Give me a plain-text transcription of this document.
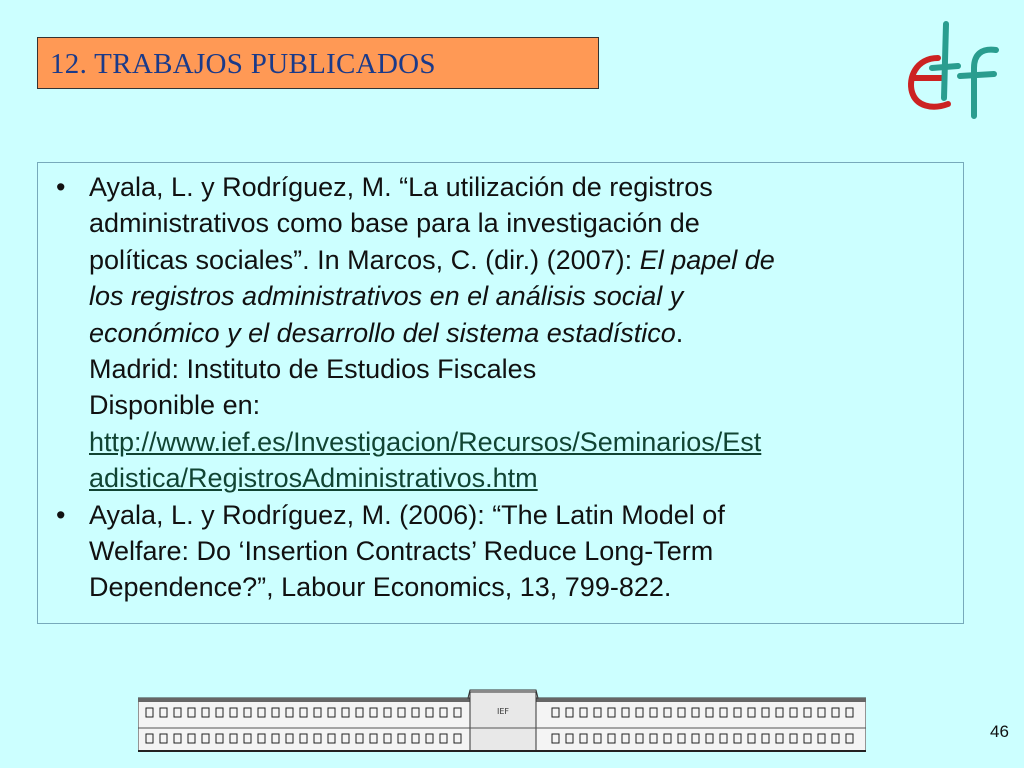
12. TRABAJOS PUBLICADOS
• Ayala, L. y Rodríguez, M. “La utilización de registros
administrativos como base para la investigación de
políticas sociales”. In Marcos, C. (dir.) (2007): El papel de
los registros administrativos en el análisis social y
económico y el desarrollo del sistema estadístico.
Madrid: Instituto de Estudios Fiscales
Disponible en:
http://www.ief.es/Investigacion/Recursos/Seminarios/Est
adistica/RegistrosAdministrativos.htm
• Ayala, L. y Rodríguez, M. (2006): “The Latin Model of
Welfare: Do ‘Insertion Contracts’ Reduce Long-Term
Dependence?”, Labour Economics, 13, 799-822.
IEF
46
